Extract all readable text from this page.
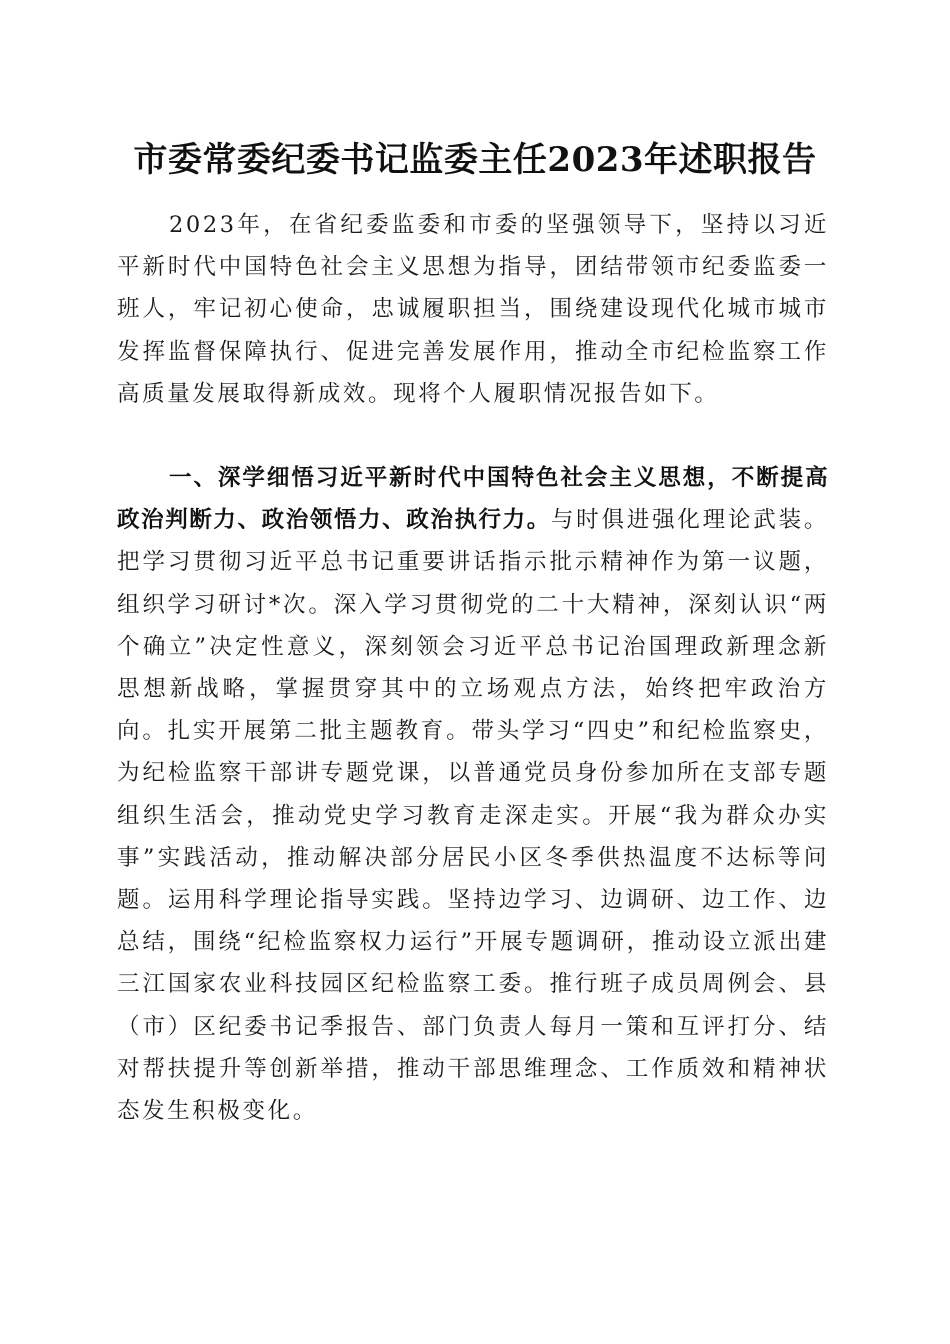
市委常委纪委书记监委主任2023年述职报告

2023年，在省纪委监委和市委的坚强领导下，坚持以习近平新时代中国特色社会主义思想为指导，团结带领市纪委监委一班人，牢记初心使命，忠诚履职担当，围绕建设现代化城市城市发挥监督保障执行、促进完善发展作用，推动全市纪检监察工作高质量发展取得新成效。现将个人履职情况报告如下。

一、深学细悟习近平新时代中国特色社会主义思想，不断提高政治判断力、政治领悟力、政治执行力。与时俱进强化理论武装。把学习贯彻习近平总书记重要讲话指示批示精神作为第一议题，组织学习研讨*次。深入学习贯彻党的二十大精神，深刻认识“两个确立”决定性意义，深刻领会习近平总书记治国理政新理念新思想新战略，掌握贯穿其中的立场观点方法，始终把牢政治方向。扎实开展第二批主题教育。带头学习“四史”和纪检监察史，为纪检监察干部讲专题党课，以普通党员身份参加所在支部专题组织生活会，推动党史学习教育走深走实。开展“我为群众办实事”实践活动，推动解决部分居民小区冬季供热温度不达标等问题。运用科学理论指导实践。坚持边学习、边调研、边工作、边总结，围绕“纪检监察权力运行”开展专题调研，推动设立派出建三江国家农业科技园区纪检监察工委。推行班子成员周例会、县（市）区纪委书记季报告、部门负责人每月一策和互评打分、结对帮扶提升等创新举措，推动干部思维理念、工作质效和精神状态发生积极变化。
